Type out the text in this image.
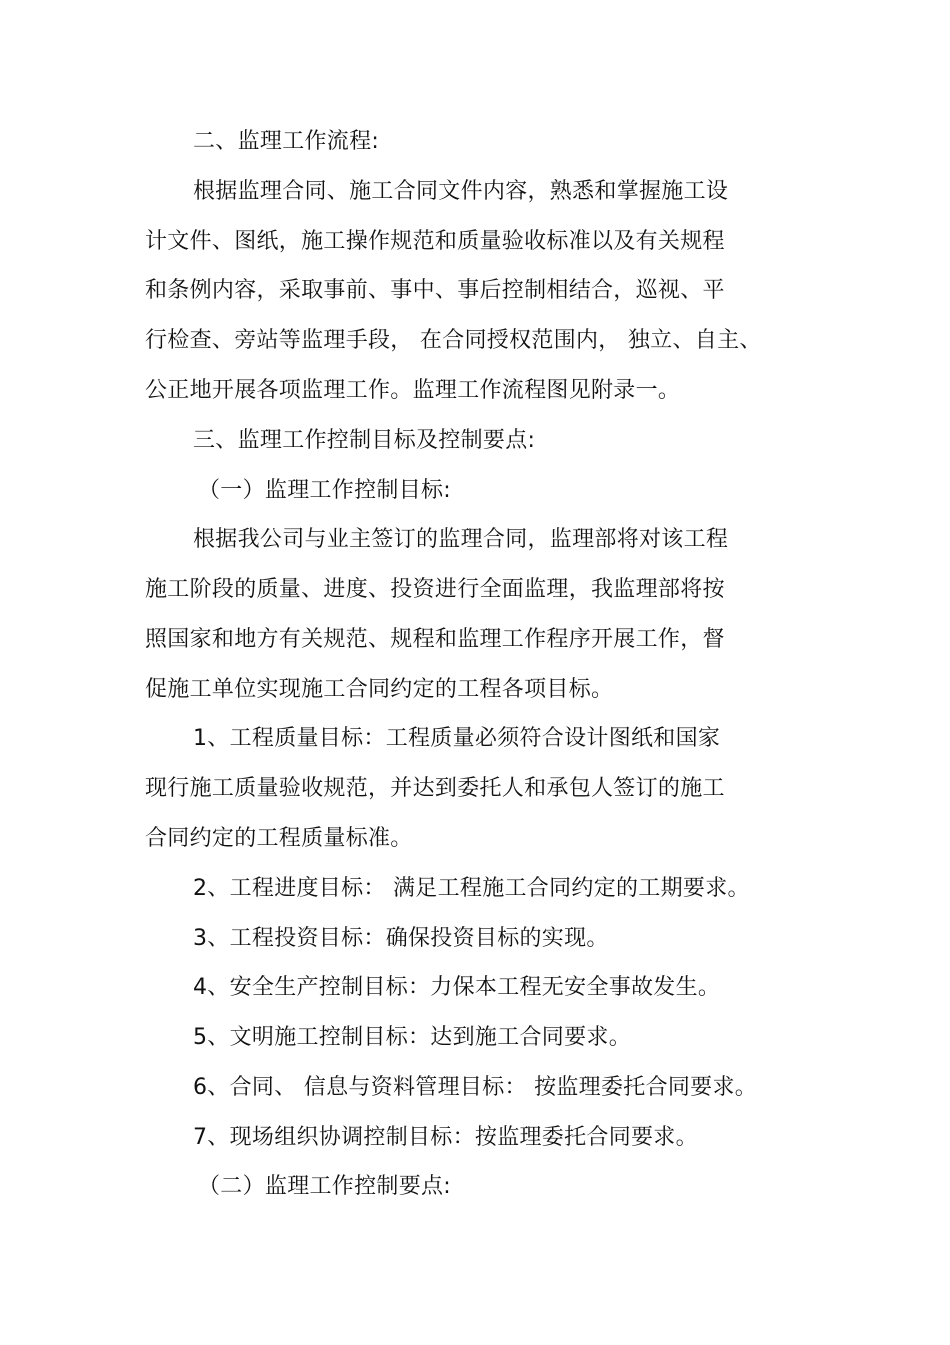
二、监理工作流程:
根据监理合同、施工合同文件内容，熟悉和掌握施工设
计文件、图纸，施工操作规范和质量验收标准以及有关规程
和条例内容，采取事前、事中、事后控制相结合，巡视、平
行检查、旁站等监理手段， 在合同授权范围内， 独立、自主、
公正地开展各项监理工作。监理工作流程图见附录一。
三、监理工作控制目标及控制要点:
（一）监理工作控制目标:
根据我公司与业主签订的监理合同，监理部将对该工程
施工阶段的质量、进度、投资进行全面监理，我监理部将按
照国家和地方有关规范、规程和监理工作程序开展工作，督
促施工单位实现施工合同约定的工程各项目标。
1、工程质量目标：工程质量必须符合设计图纸和国家
现行施工质量验收规范，并达到委托人和承包人签订的施工
合同约定的工程质量标准。
2、工程进度目标： 满足工程施工合同约定的工期要求。
3、工程投资目标：确保投资目标的实现。
4、安全生产控制目标：力保本工程无安全事故发生。
5、文明施工控制目标：达到施工合同要求。
6、合同、 信息与资料管理目标： 按监理委托合同要求。
7、现场组织协调控制目标：按监理委托合同要求。
（二）监理工作控制要点:
